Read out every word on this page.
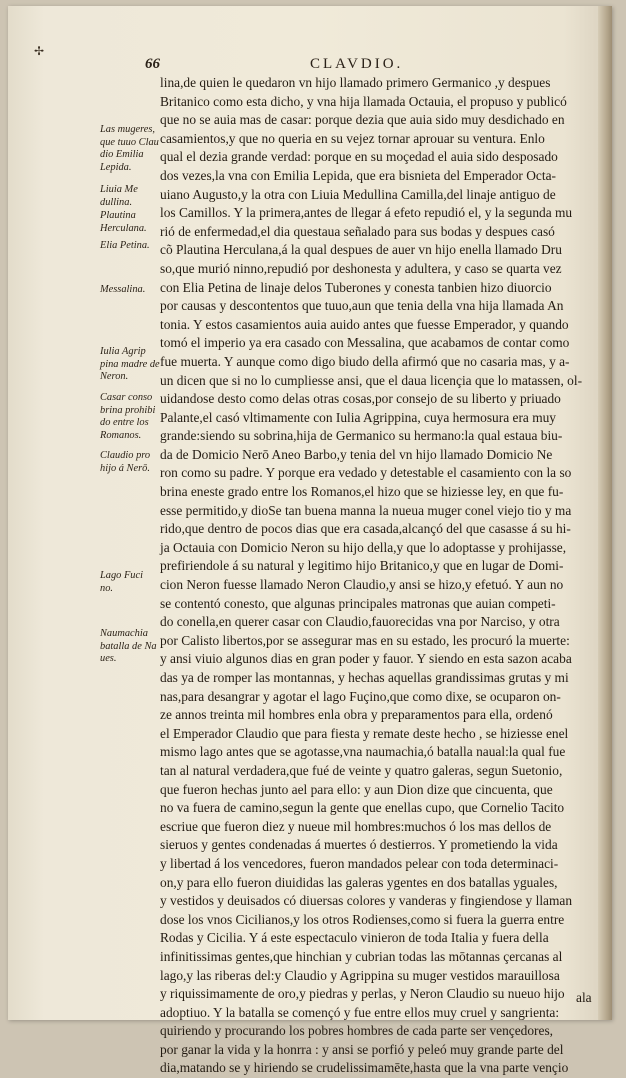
✢
66	CLAVDIO.
lina,de quien le quedaron vn hijo llamado primero Germanico ,y despues
Britanico como esta dicho, y vna hija llamada Octauia, el propuso y publicó
que no se auia mas de casar: porque dezia que auia sido muy desdichado en
casamientos,y que no queria en su vejez tornar aprouar su ventura. Enlo
qual el dezia grande verdad: porque en su moçedad el auia sido desposado
dos vezes,la vna con Emilia Lepida, que era bisnieta del Emperador Octa-
uiano Augusto,y la otra con Liuia Medullina Camilla,del linaje antiguo de
los Camillos. Y la primera,antes de llegar á efeto repudió el, y la segunda mu
rió de enfermedad,el dia questaua señalado para sus bodas y despues casó
cõ Plautina Herculana,á la qual despues de auer vn hijo enella llamado Dru
so,que murió ninno,repudió por deshonesta y adultera, y caso se quarta vez
con Elia Petina de linaje delos Tuberones y conesta tanbien hizo diuorcio
por causas y descontentos que tuuo,aun que tenia della vna hija llamada An
tonia. Y estos casamientos auia auido antes que fuesse Emperador, y quando
tomó el imperio ya era casado con Messalina, que acabamos de contar como
fue muerta. Y aunque como digo biudo della afirmó que no casaria mas, y a-
un dicen que si no lo cumpliesse ansi, que el daua licençia que lo matassen, ol-
uidandose desto como delas otras cosas,por consejo de su liberto y priuado
Palante,el casó vltimamente con Iulia Agrippina, cuya hermosura era muy
grande:siendo su sobrina,hija de Germanico su hermano:la qual estaua biu-
da de Domicio Nerō Aneo Barbo,y tenia del vn hijo llamado Domicio Ne
ron como su padre. Y porque era vedado y detestable el casamiento con la so
brina eneste grado entre los Romanos,el hizo que se hiziesse ley, en que fu-
esse permitido,y dioSe tan buena manna la nueua muger conel viejo tio y ma
rido,que dentro de pocos dias que era casada,alcançó del que casasse á su hi-
ja Octauia con Domicio Neron su hijo della,y que lo adoptasse y prohijasse,
prefiriendole á su natural y legitimo hijo Britanico,y que en lugar de Domi-
cion Neron fuesse llamado Neron Claudio,y ansi se hizo,y efetuó. Y aun no
se contentó conesto, que algunas principales matronas que auian competi-
do conella,en querer casar con Claudio,fauorecidas vna por Narciso, y otra
por Calisto libertos,por se assegurar mas en su estado, les procuró la muerte:
y ansi viuio algunos dias en gran poder y fauor. Y siendo en esta sazon acaba
das ya de romper las montannas, y hechas aquellas grandissimas grutas y mi
nas,para desangrar y agotar el lago Fuçino,que como dixe, se ocuparon on-
ze annos treinta mil hombres enla obra y preparamentos para ella, ordenó
el Emperador Claudio que para fiesta y remate deste hecho , se hiziesse enel
mismo lago antes que se agotasse,vna naumachia,ó batalla naual:la qual fue
tan al natural verdadera,que fué de veinte y quatro galeras, segun Suetonio,
que fueron hechas junto ael para ello: y aun Dion dize que cincuenta, que
no va fuera de camino,segun la gente que enellas cupo, que Cornelio Tacito
escriue que fueron diez y nueue mil hombres:muchos ó los mas dellos de
sieruos y gentes condenadas á muertes ó destierros. Y prometiendo la vida
y libertad á los vencedores, fueron mandados pelear con toda determinaci-
on,y para ello fueron diuididas las galeras ygentes en dos batallas yguales,
y vestidos y deuisados có diuersas colores y vanderas y fingiendose y llaman
dose los vnos Cicilianos,y los otros Rodienses,como si fuera la guerra entre
Rodas y Cicilia. Y á este espectaculo vinieron de toda Italia y fuera della
infinitissimas gentes,que hinchian y cubrian todas las mōtannas çercanas al
lago,y las riberas del:y Claudio y Agrippina su muger vestidos marauillosa
y riquissimamente de oro,y piedras y perlas, y Neron Claudio su nueuo hijo
adoptiuo. Y la batalla se començó y fue entre ellos muy cruel y sangrienta:
quiriendo y procurando los pobres hombres de cada parte ser vençedores,
por ganar la vida y la honrra : y ansi se porfió y peleó muy grande parte del
dia,matando se y hiriendo se crudelissimamēte,hasta que la vna parte vençio
Las mugeres,
que tuuo Clau
dio Emilia
Lepida.
Liuia Me
dullina.
Plautina
Herculana.
Elia Petina.
Messalina.
Iulia Agrip
pina madre de
Neron.
Casar conso
brina prohibi
do entre los
Romanos.
Claudio pro
hijo á Nerō.
Lago Fuci
no.
Naumachia
batalla de Na
ues.
ala
